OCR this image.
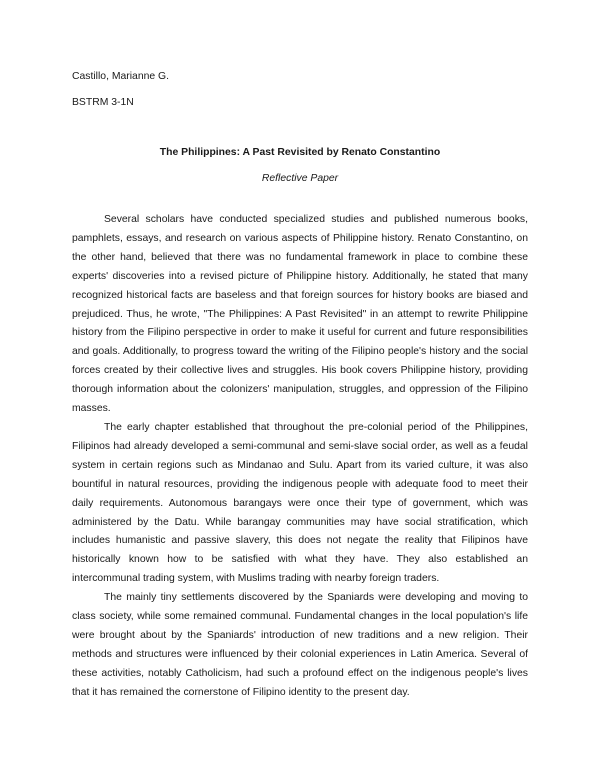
Castillo, Marianne G.
BSTRM 3-1N
The Philippines: A Past Revisited by Renato Constantino
Reflective Paper

Several scholars have conducted specialized studies and published numerous books, pamphlets, essays, and research on various aspects of Philippine history. Renato Constantino, on the other hand, believed that there was no fundamental framework in place to combine these experts' discoveries into a revised picture of Philippine history. Additionally, he stated that many recognized historical facts are baseless and that foreign sources for history books are biased and prejudiced. Thus, he wrote, "The Philippines: A Past Revisited" in an attempt to rewrite Philippine history from the Filipino perspective in order to make it useful for current and future responsibilities and goals. Additionally, to progress toward the writing of the Filipino people's history and the social forces created by their collective lives and struggles. His book covers Philippine history, providing thorough information about the colonizers' manipulation, struggles, and oppression of the Filipino masses.

The early chapter established that throughout the pre-colonial period of the Philippines, Filipinos had already developed a semi-communal and semi-slave social order, as well as a feudal system in certain regions such as Mindanao and Sulu. Apart from its varied culture, it was also bountiful in natural resources, providing the indigenous people with adequate food to meet their daily requirements. Autonomous barangays were once their type of government, which was administered by the Datu. While barangay communities may have social stratification, which includes humanistic and passive slavery, this does not negate the reality that Filipinos have historically known how to be satisfied with what they have. They also established an intercommunal trading system, with Muslims trading with nearby foreign traders.

The mainly tiny settlements discovered by the Spaniards were developing and moving to class society, while some remained communal. Fundamental changes in the local population's life were brought about by the Spaniards' introduction of new traditions and a new religion. Their methods and structures were influenced by their colonial experiences in Latin America. Several of these activities, notably Catholicism, had such a profound effect on the indigenous people's lives that it has remained the cornerstone of Filipino identity to the present day.
